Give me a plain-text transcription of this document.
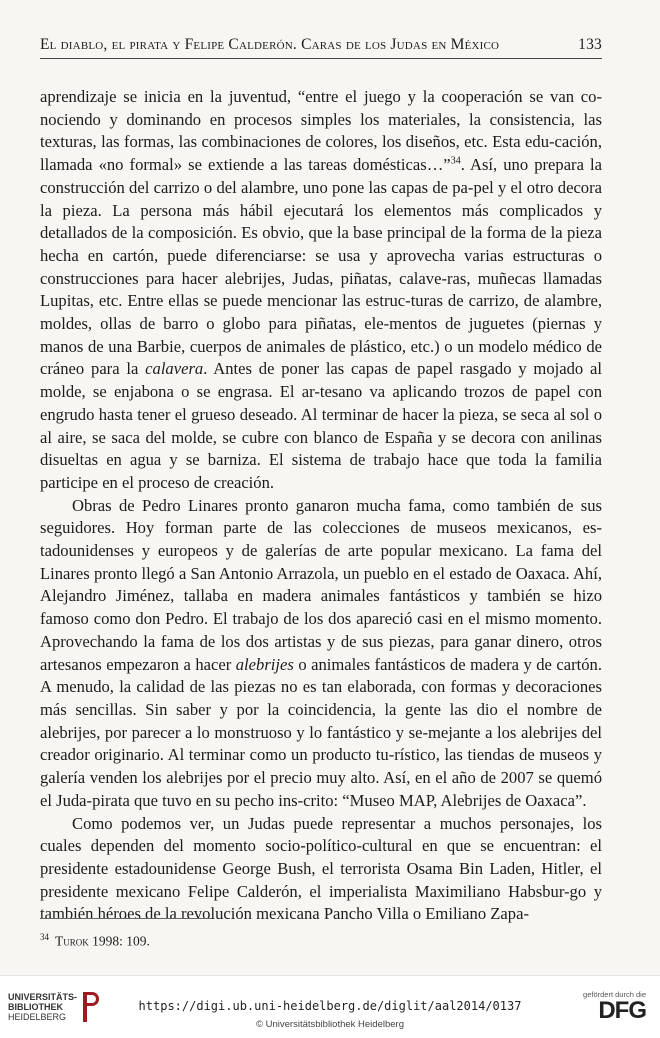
El diablo, el pirata y Felipe Calderón. Caras de los Judas en México	133

aprendizaje se inicia en la juventud, “entre el juego y la cooperación se van co-nociendo y dominando en procesos simples los materiales, la consistencia, las texturas, las formas, las combinaciones de colores, los diseños, etc. Esta edu-cación, llamada «no formal» se extiende a las tareas domésticas…”$^{34}$. Así, uno prepara la construcción del carrizo o del alambre, uno pone las capas de pa-pel y el otro decora la pieza. La persona más hábil ejecutará los elementos más complicados y detallados de la composición. Es obvio, que la base principal de la forma de la pieza hecha en cartón, puede diferenciarse: se usa y aprovecha varias estructuras o construcciones para hacer alebrijes, Judas, piñatas, calave-ras, muñecas llamadas Lupitas, etc. Entre ellas se puede mencionar las estruc-turas de carrizo, de alambre, moldes, ollas de barro o globo para piñatas, ele-mentos de juguetes (piernas y manos de una Barbie, cuerpos de animales de plástico, etc.) o un modelo médico de cráneo para la calavera. Antes de poner las capas de papel rasgado y mojado al molde, se enjabona o se engrasa. El ar-tesano va aplicando trozos de papel con engrudo hasta tener el grueso deseado. Al terminar de hacer la pieza, se seca al sol o al aire, se saca del molde, se cubre con blanco de España y se decora con anilinas disueltas en agua y se barniza. El sistema de trabajo hace que toda la familia participe en el proceso de creación.

Obras de Pedro Linares pronto ganaron mucha fama, como también de sus seguidores. Hoy forman parte de las colecciones de museos mexicanos, es-tadounidenses y europeos y de galerías de arte popular mexicano. La fama del Linares pronto llegó a San Antonio Arrazola, un pueblo en el estado de Oaxaca. Ahí, Alejandro Jiménez, tallaba en madera animales fantásticos y también se hizo famoso como don Pedro. El trabajo de los dos apareció casi en el mismo momento. Aprovechando la fama de los dos artistas y de sus piezas, para ganar dinero, otros artesanos empezaron a hacer alebrijes o animales fantásticos de madera y de cartón. A menudo, la calidad de las piezas no es tan elaborada, con formas y decoraciones más sencillas. Sin saber y por la coincidencia, la gente las dio el nombre de alebrijes, por parecer a lo monstruoso y lo fantástico y se-mejante a los alebrijes del creador originario. Al terminar como un producto tu-rístico, las tiendas de museos y galería venden los alebrijes por el precio muy alto. Así, en el año de 2007 se quemó el Juda-pirata que tuvo en su pecho ins-crito: “Museo MAP, Alebrijes de Oaxaca”.

Como podemos ver, un Judas puede representar a muchos personajes, los cuales dependen del momento socio-político-cultural en que se encuentran: el presidente estadounidense George Bush, el terrorista Osama Bin Laden, Hitler, el presidente mexicano Felipe Calderón, el imperialista Maximiliano Habsbur-go y también héroes de la revolución mexicana Pancho Villa o Emiliano Zapa-

$^{34}$ Turok 1998: 109.
UNIVERSITÄTS-
BIBLIOTHEK
HEIDELBERG
https://digi.ub.uni-heidelberg.de/diglit/aal2014/0137
© Universitätsbibliothek Heidelberg
gefördert durch die
DFG
